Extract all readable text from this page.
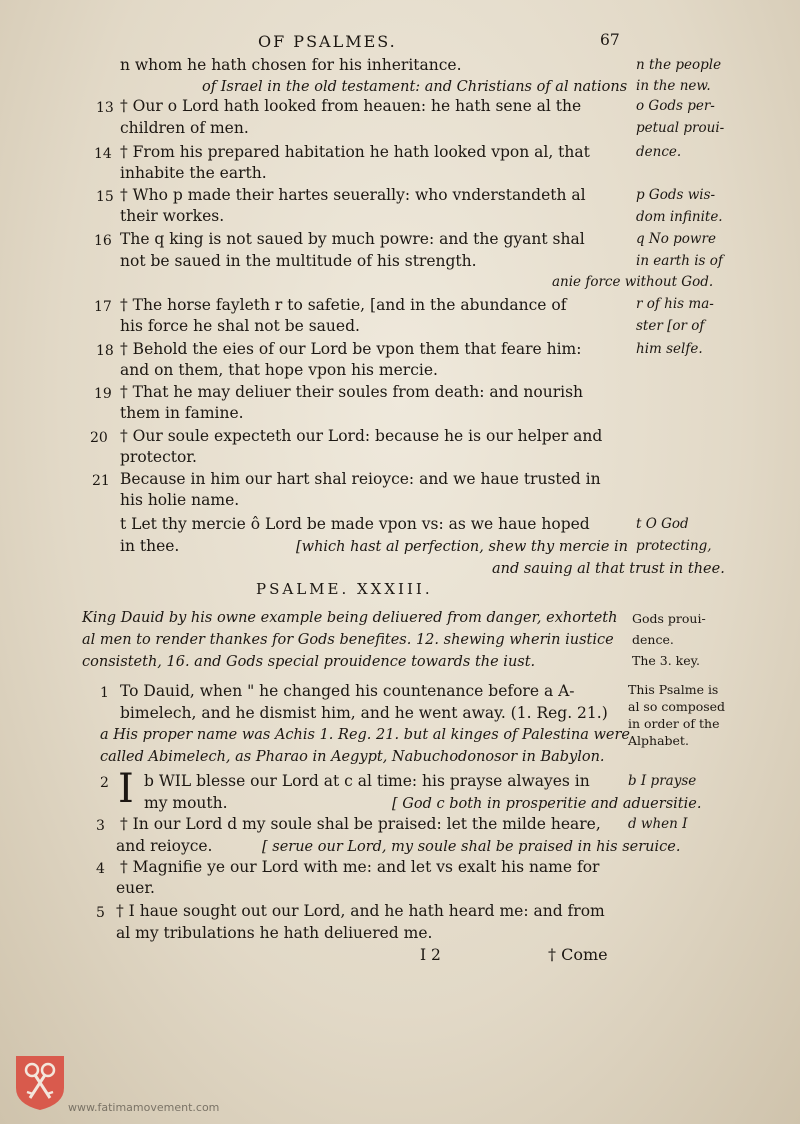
OF PSALMES.	67
n whom he hath chosen for his inheritance.
of Israel in the old testament: and Christians of al nations
13 † Our o Lord hath looked from heauen: he hath sene al the
children of men.
14 † From his prepared habitation he hath looked vpon al, that
inhabite the earth.
15 † Who p made their hartes seuerally: who vnderstandeth al
their workes.
16 The q king is not saued by much powre: and the gyant shal
not be saued in the multitude of his strength.
17 † The horse fayleth r to safetie, [and in the abundance of
his force he shal not be saued.
18 † Behold the eies of our Lord be vpon them that feare him:
and on them, that hope vpon his mercie.
19 † That he may deliuer their soules from death: and nourish
them in famine.
20 † Our soule expecteth our Lord: because he is our helper and
protector.
21 Because in him our hart shal reioyce: and we haue trusted in
his holie name.
t Let thy mercie ô Lord be made vpon vs: as we haue hoped
in thee.	[which hast al perfection, shew thy mercie in
and sauing al that trust in thee.
n the people
in the new.
o Gods per-
petual proui-
dence.
p Gods wis-
dom infinite.
q No powre
in earth is of
anie force without God.
r of his ma-
ster [or of
him selfe.
t O God
protecting,
PSALME. XXXIII.
King Dauid by his owne example being deliuered from danger, exhorteth
al men to render thankes for Gods benefites. 12. shewing wherin iustice
consisteth, 16. and Gods special prouidence towards the iust.
Gods proui-
dence.
The 3. key.
1 To Dauid, when " he changed his countenance before a A-
bimelech, and he dismist him, and he went away. (1. Reg. 21.)
a His proper name was Achis 1. Reg. 21. but al kinges of Palestina were
called Abimelech, as Pharao in Aegypt, Nabuchodonosor in Babylon.
This Psalme is
al so composed
in order of the
Alphabet.
2 I b WIL blesse our Lord at c al time: his prayse alwayes in
my mouth.	[ God c both in prosperitie and aduersitie.
b I prayse
3 † In our Lord d my soule shal be praised: let the milde heare,
and reioyce.	[ serue our Lord, my soule shal be praised in his seruice.
d when I
4 † Magnifie ye our Lord with me: and let vs exalt his name for
euer.
5 † I haue sought out our Lord, and he hath heard me: and from
al my tribulations he hath deliuered me.
I 2	† Come
www.fatimamovement.com
